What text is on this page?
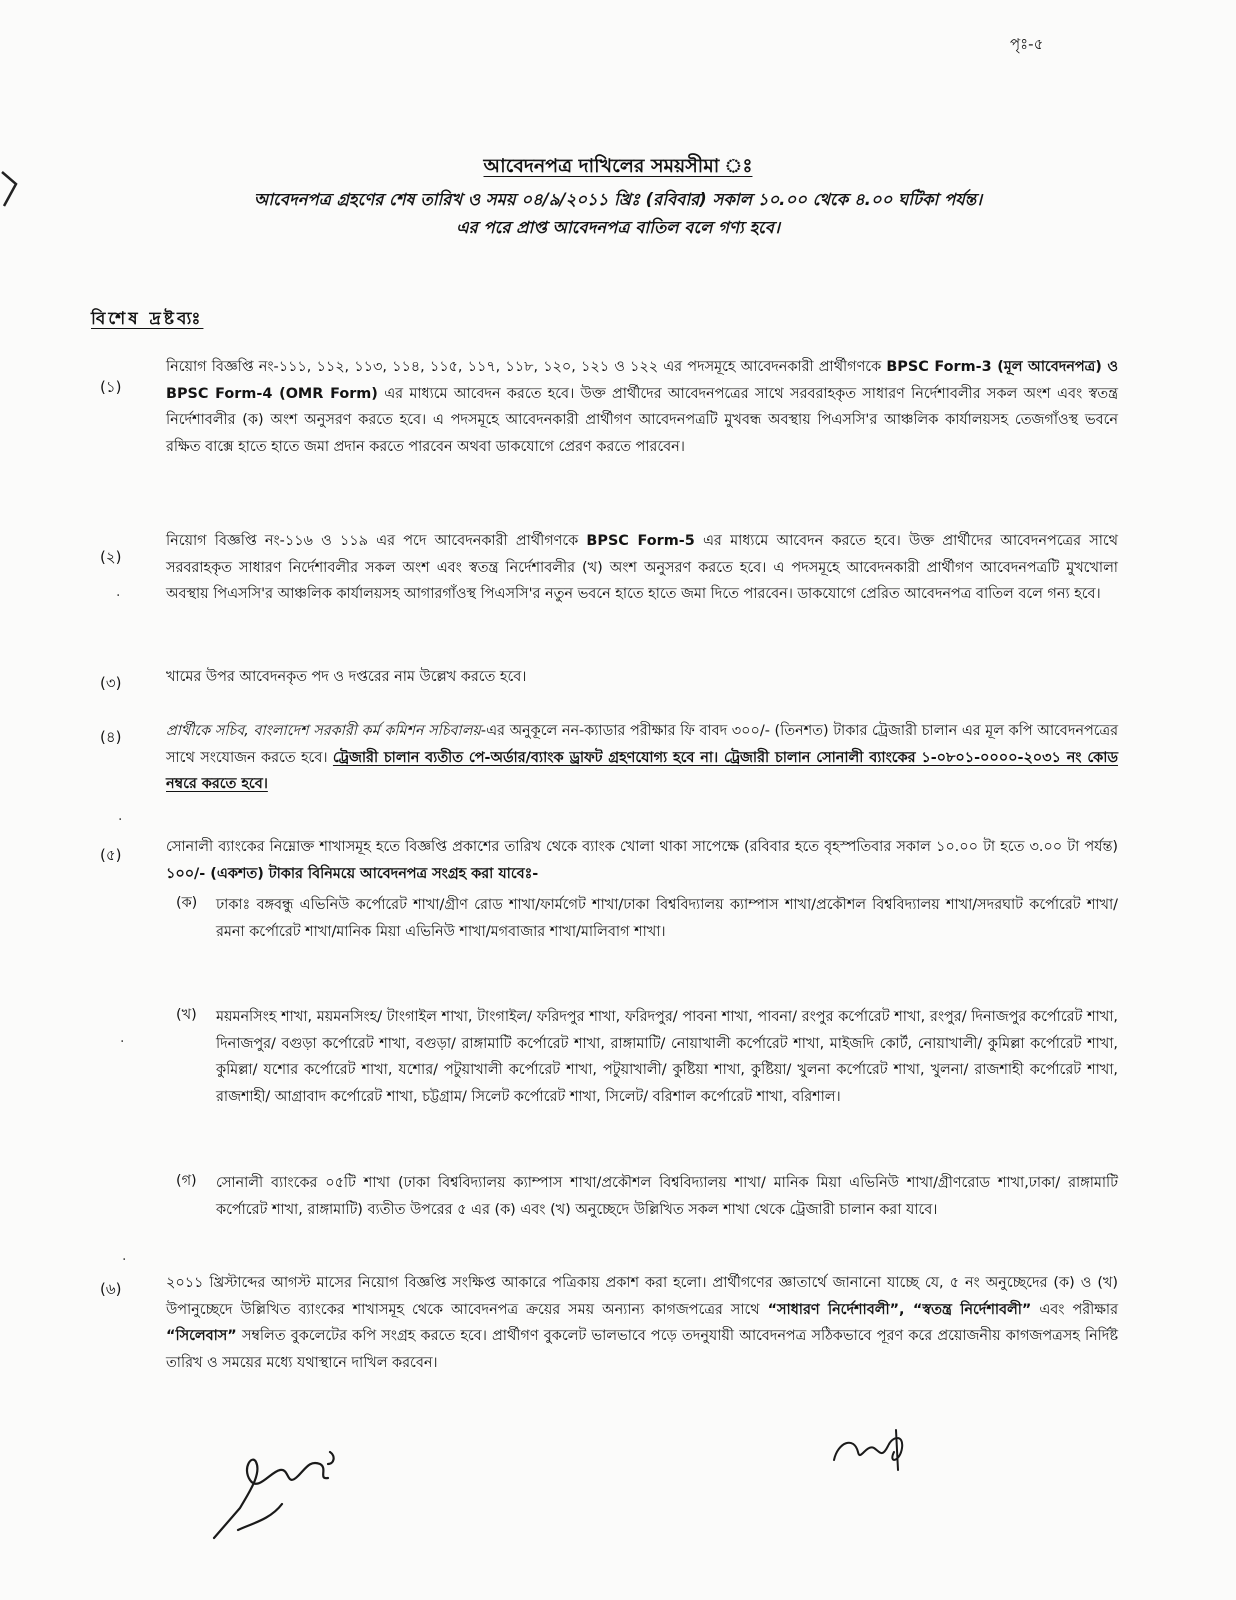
পৃঃ-৫
আবেদনপত্র দাখিলের সময়সীমা ঃ
আবেদনপত্র গ্রহণের শেষ তারিখ ও সময় ০৪/৯/২০১১ খ্রিঃ (রবিবার) সকাল ১০.০০ থেকে ৪.০০ ঘটিকা পর্যন্ত।
এর পরে প্রাপ্ত আবেদনপত্র বাতিল বলে গণ্য হবে।
বিশেষ দ্রষ্টব্যঃ
(১)
নিয়োগ বিজ্ঞপ্তি নং-১১১, ১১২, ১১৩, ১১৪, ১১৫, ১১৭, ১১৮, ১২০, ১২১ ও ১২২ এর পদসমূহে আবেদনকারী প্রার্থীগণকে BPSC Form-3 (মূল আবেদনপত্র) ও BPSC Form-4 (OMR Form) এর মাধ্যমে আবেদন করতে হবে। উক্ত প্রার্থীদের আবেদনপত্রের সাথে সরবরাহকৃত সাধারণ নির্দেশাবলীর সকল অংশ এবং স্বতন্ত্র নির্দেশাবলীর (ক) অংশ অনুসরণ করতে হবে। এ পদসমূহে আবেদনকারী প্রার্থীগণ আবেদনপত্রটি মুখবন্ধ অবস্থায় পিএসসি'র আঞ্চলিক কার্যালয়সহ তেজগাঁওস্থ ভবনে রক্ষিত বাক্সে হাতে হাতে জমা প্রদান করতে পারবেন অথবা ডাকযোগে প্রেরণ করতে পারবেন।
(২)
নিয়োগ বিজ্ঞপ্তি নং-১১৬ ও ১১৯ এর পদে আবেদনকারী প্রার্থীগণকে BPSC Form-5 এর মাধ্যমে আবেদন করতে হবে। উক্ত প্রার্থীদের আবেদনপত্রের সাথে সরবরাহকৃত সাধারণ নির্দেশাবলীর সকল অংশ এবং স্বতন্ত্র নির্দেশাবলীর (খ) অংশ অনুসরণ করতে হবে। এ পদসমূহে আবেদনকারী প্রার্থীগণ আবেদনপত্রটি মুখখোলা অবস্থায় পিএসসি'র আঞ্চলিক কার্যালয়সহ আগারগাঁওস্থ পিএসসি'র নতুন ভবনে হাতে হাতে জমা দিতে পারবেন। ডাকযোগে প্রেরিত আবেদনপত্র বাতিল বলে গন্য হবে।
(৩)	খামের উপর আবেদনকৃত পদ ও দপ্তরের নাম উল্লেখ করতে হবে।
(৪)	প্রার্থীকে সচিব, বাংলাদেশ সরকারী কর্ম কমিশন সচিবালয়-এর অনুকূলে নন-ক্যাডার পরীক্ষার ফি বাবদ ৩০০/- (তিনশত) টাকার ট্রেজারী চালান এর মূল কপি আবেদনপত্রের সাথে সংযোজন করতে হবে। ট্রেজারী চালান ব্যতীত পে-অর্ডার/ব্যাংক ড্রাফট গ্রহণযোগ্য হবে না। ট্রেজারী চালান সোনালী ব্যাংকের ১-০৮০১-০০০০-২০৩১ নং কোড নম্বরে করতে হবে।
(৫)	সোনালী ব্যাংকের নিম্নোক্ত শাখাসমূহ হতে বিজ্ঞপ্তি প্রকাশের তারিখ থেকে ব্যাংক খোলা থাকা সাপেক্ষে (রবিবার হতে বৃহস্পতিবার সকাল ১০.০০ টা হতে ৩.০০ টা পর্যন্ত) ১০০/- (একশত) টাকার বিনিময়ে আবেদনপত্র সংগ্রহ করা যাবেঃ-
(ক) ঢাকাঃ বঙ্গবন্ধু এভিনিউ কর্পোরেট শাখা/গ্রীণ রোড শাখা/ফার্মগেট শাখা/ঢাকা বিশ্ববিদ্যালয় ক্যাম্পাস শাখা/প্রকৌশল বিশ্ববিদ্যালয় শাখা/সদরঘাট কর্পোরেট শাখা/রমনা কর্পোরেট শাখা/মানিক মিয়া এভিনিউ শাখা/মগবাজার শাখা/মালিবাগ শাখা।
(খ) ময়মনসিংহ শাখা, ময়মনসিংহ/ টাংগাইল শাখা, টাংগাইল/ ফরিদপুর শাখা, ফরিদপুর/ পাবনা শাখা, পাবনা/ রংপুর কর্পোরেট শাখা, রংপুর/ দিনাজপুর কর্পোরেট শাখা, দিনাজপুর/ বগুড়া কর্পোরেট শাখা, বগুড়া/ রাঙ্গামাটি কর্পোরেট শাখা, রাঙ্গামাটি/ নোয়াখালী কর্পোরেট শাখা, মাইজদি কোর্ট, নোয়াখালী/ কুমিল্লা কর্পোরেট শাখা, কুমিল্লা/ যশোর কর্পোরেট শাখা, যশোর/ পটুয়াখালী কর্পোরেট শাখা, পটুয়াখালী/ কুষ্টিয়া শাখা, কুষ্টিয়া/ খুলনা কর্পোরেট শাখা, খুলনা/ রাজশাহী কর্পোরেট শাখা, রাজশাহী/ আগ্রাবাদ কর্পোরেট শাখা, চট্টগ্রাম/ সিলেট কর্পোরেট শাখা, সিলেট/ বরিশাল কর্পোরেট শাখা, বরিশাল।
(গ) সোনালী ব্যাংকের ০৫টি শাখা (ঢাকা বিশ্ববিদ্যালয় ক্যাম্পাস শাখা/প্রকৌশল বিশ্ববিদ্যালয় শাখা/ মানিক মিয়া এভিনিউ শাখা/গ্রীণরোড শাখা,ঢাকা/ রাঙ্গামাটি কর্পোরেট শাখা, রাঙ্গামাটি) ব্যতীত উপরের ৫ এর (ক) এবং (খ) অনুচ্ছেদে উল্লিখিত সকল শাখা থেকে ট্রেজারী চালান করা যাবে।
(৬)	২০১১ খ্রিস্টাব্দের আগস্ট মাসের নিয়োগ বিজ্ঞপ্তি সংক্ষিপ্ত আকারে পত্রিকায় প্রকাশ করা হলো। প্রার্থীগণের জ্ঞাতার্থে জানানো যাচ্ছে যে, ৫ নং অনুচ্ছেদের (ক) ও (খ) উপানুচ্ছেদে উল্লিখিত ব্যাংকের শাখাসমূহ থেকে আবেদনপত্র ক্রয়ের সময় অন্যান্য কাগজপত্রের সাথে “সাধারণ নির্দেশাবলী”, “স্বতন্ত্র নির্দেশাবলী” এবং পরীক্ষার “সিলেবাস” সম্বলিত বুকলেটের কপি সংগ্রহ করতে হবে। প্রার্থীগণ বুকলেট ভালভাবে পড়ে তদনুযায়ী আবেদনপত্র সঠিকভাবে পূরণ করে প্রয়োজনীয় কাগজপত্রসহ নির্দিষ্ট তারিখ ও সময়ের মধ্যে যথাস্থানে দাখিল করবেন।
·
·
·
·
